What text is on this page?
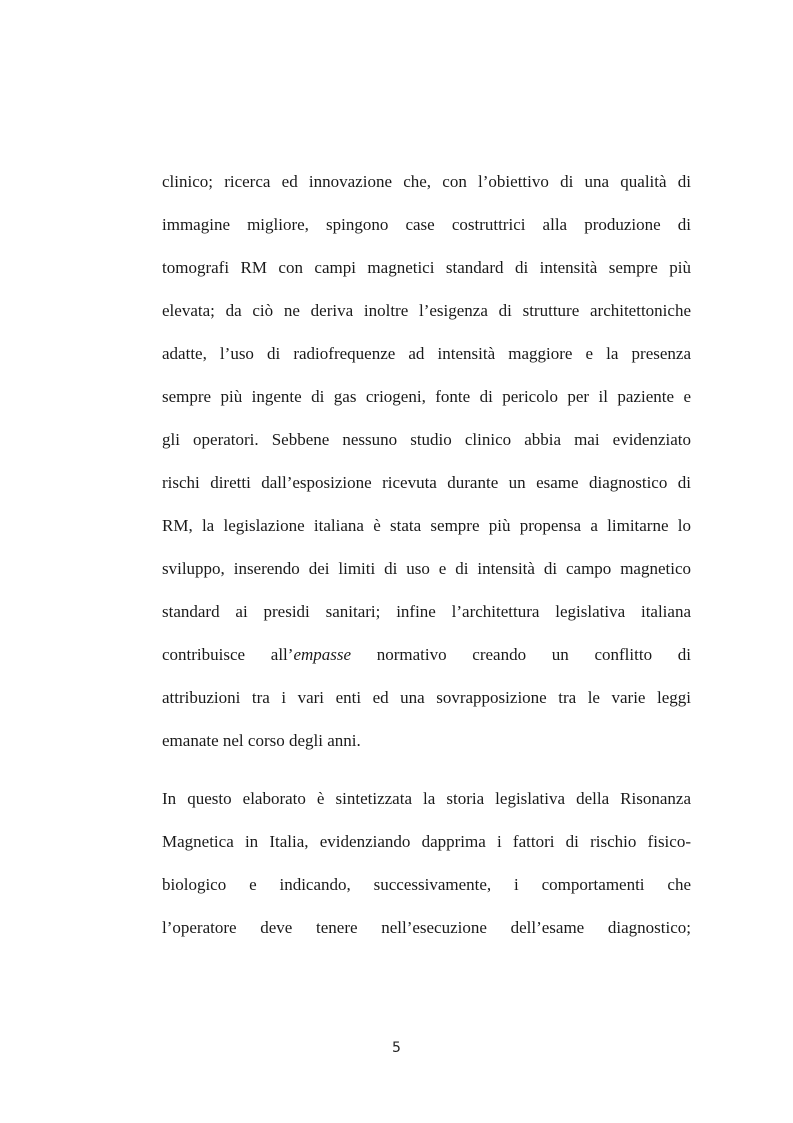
clinico; ricerca ed innovazione che, con l’obiettivo di una qualità di
immagine migliore, spingono case costruttrici alla produzione di
tomografi RM con campi magnetici standard di intensità sempre più
elevata; da ciò ne deriva inoltre l’esigenza di strutture architettoniche
adatte, l’uso di radiofrequenze ad intensità maggiore e la presenza
sempre più ingente di gas criogeni, fonte di pericolo per il paziente e
gli operatori. Sebbene nessuno studio clinico abbia mai evidenziato
rischi diretti dall’esposizione ricevuta durante un esame diagnostico di
RM, la legislazione italiana è stata sempre più propensa a limitarne lo
sviluppo, inserendo dei limiti di uso e di intensità di campo magnetico
standard ai presidi sanitari; infine l’architettura legislativa italiana
contribuisce all’empasse normativo creando un conflitto di
attribuzioni tra i vari enti ed una sovrapposizione tra le varie leggi
emanate nel corso degli anni.
In questo elaborato è sintetizzata la storia legislativa della Risonanza
Magnetica in Italia, evidenziando dapprima i fattori di rischio fisico-
biologico e indicando, successivamente, i comportamenti che
l’operatore deve tenere nell’esecuzione dell’esame diagnostico;
5
